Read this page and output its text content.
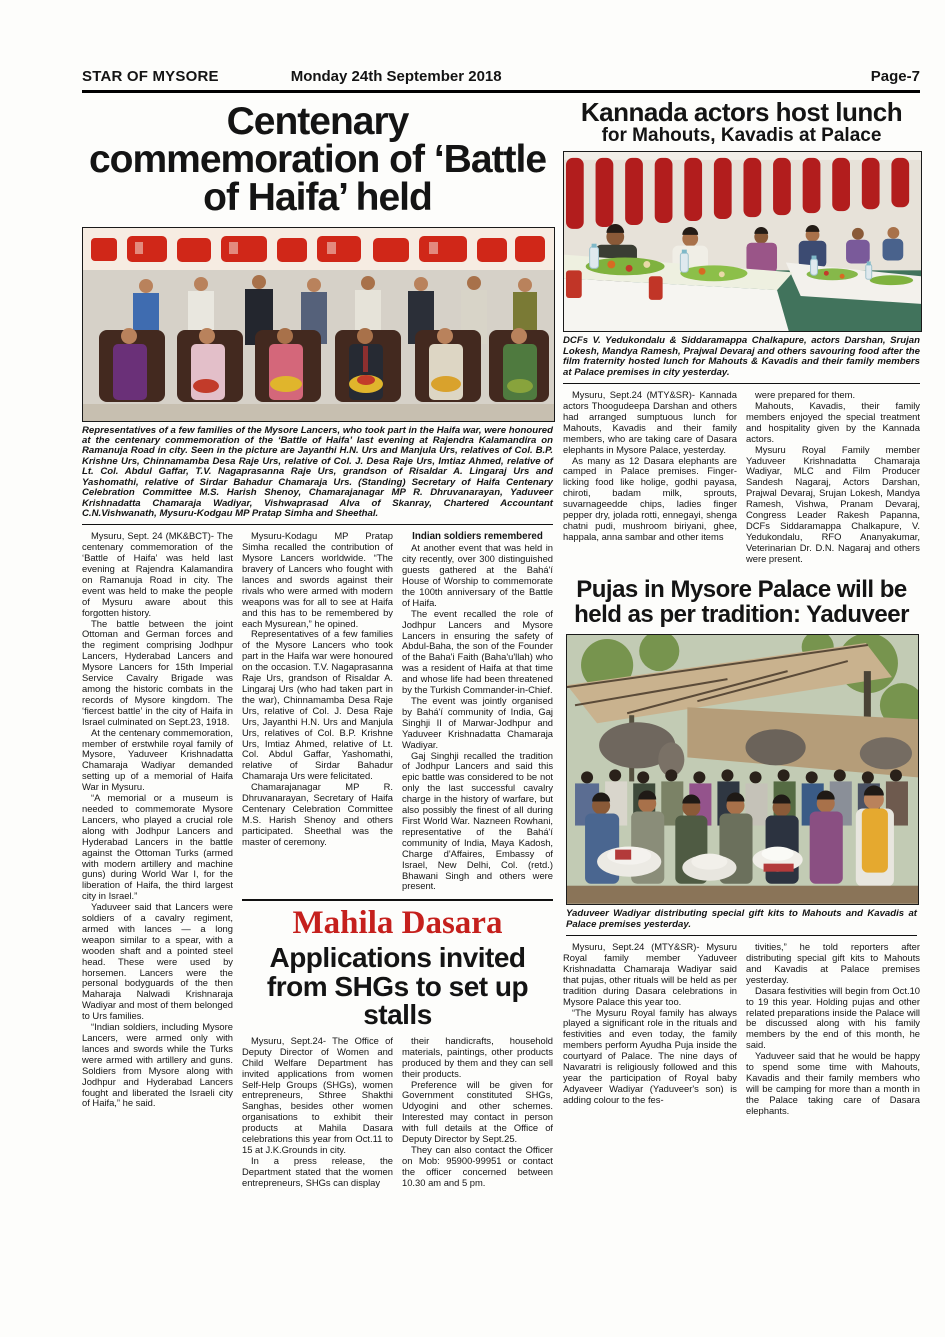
STAR OF MYSORE	Monday 24th September 2018	Page-7
Centenary commemoration of ‘Battle of Haifa’ held
Representatives of a few families of the Mysore Lancers, who took part in the Haifa war, were honoured at the centenary commemoration of the ‘Battle of Haifa’ last evening at Rajendra Kalamandira on Ramanuja Road in city. Seen in the picture are Jayanthi H.N. Urs and Manjula Urs, relatives of Col. B.P. Krishne Urs, Chinnamamba Desa Raje Urs, relative of Col. J. Desa Raje Urs, Imtiaz Ahmed, relative of Lt. Col. Abdul Gaffar, T.V. Nagaprasanna Raje Urs, grandson of Risaldar A. Lingaraj Urs and Yashomathi, relative of Sirdar Bahadur Chamaraja Urs. (Standing) Secretary of Haifa Centenary Celebration Committee M.S. Harish Shenoy, Chamarajanagar MP R. Dhruvanarayan, Yaduveer Krishnadatta Chamaraja Wadiyar, Vishwaprasad Alva of Skanray, Chartered Accountant C.N.Vishwanath, Mysuru-Kodgau MP Pratap Simha and Sheethal.

Mysuru, Sept. 24 (MK&BCT)- The centenary commemoration of the ‘Battle of Haifa’ was held last evening at Rajendra Kalamandira on Ramanuja Road in city. The event was held to make the people of Mysuru aware about this forgotten history.

The battle between the joint Ottoman and German forces and the regiment comprising Jodhpur Lancers, Hyderabad Lancers and Mysore Lancers for 15th Imperial Service Cavalry Brigade was among the historic combats in the records of Mysore kingdom. The ‘fiercest battle’ in the city of Haifa in Israel culminated on Sept.23, 1918.

At the centenary commemoration, member of erstwhile royal family of Mysore, Yaduveer Krishnadatta Chamaraja Wadiyar demanded setting up of a memorial of Haifa War in Mysuru.

“A memorial or a museum is needed to commemorate Mysore Lancers, who played a crucial role along with Jodhpur Lancers and Hyderabad Lancers in the battle against the Ottoman Turks (armed with modern artillery and machine guns) during World War I, for the liberation of Haifa, the third largest city in Israel.”

Yaduveer said that Lancers were soldiers of a cavalry regiment, armed with lances — a long weapon similar to a spear, with a wooden shaft and a pointed steel head. These were used by horsemen. Lancers were the personal bodyguards of the then Maharaja Nalwadi Krishnaraja Wadiyar and most of them belonged to Urs families.

“Indian soldiers, including Mysore Lancers, were armed only with lances and swords while the Turks were armed with artillery and guns. Soldiers from Mysore along with Jodhpur and Hyderabad Lancers fought and liberated the Israeli city of Haifa,” he said.

Mysuru-Kodagu MP Pratap Simha recalled the contribution of Mysore Lancers worldwide. “The bravery of Lancers who fought with lances and swords against their rivals who were armed with modern weapons was for all to see at Haifa and this has to be remembered by each Mysurean,” he opined.

Representatives of a few families of the Mysore Lancers who took part in the Haifa war were honoured on the occasion. T.V. Nagaprasanna Raje Urs, grandson of Risaldar A. Lingaraj Urs (who had taken part in the war), Chinnamamba Desa Raje Urs, relative of Col. J. Desa Raje Urs, Jayanthi H.N. Urs and Manjula Urs, relatives of Col. B.P. Krishne Urs, Imtiaz Ahmed, relative of Lt. Col. Abdul Gaffar, Yashomathi, relative of Sirdar Bahadur Chamaraja Urs were felicitated.

Chamarajanagar MP R. Dhruvanarayan, Secretary of Haifa Centenary Celebration Committee M.S. Harish Shenoy and others participated. Sheethal was the master of ceremony.

Indian soldiers remembered

At another event that was held in city recently, over 300 distinguished guests gathered at the Bahá'í House of Worship to commemorate the 100th anniversary of the Battle of Haifa.

The event recalled the role of Jodhpur Lancers and Mysore Lancers in ensuring the safety of Abdul-Baha, the son of the Founder of the Baha'i Faith (Baha'u'llah) who was a resident of Haifa at that time and whose life had been threatened by the Turkish Commander-in-Chief.

The event was jointly organised by Bahá'í community of India, Gaj Singhji II of Marwar-Jodhpur and Yaduveer Krishnadatta Chamaraja Wadiyar.

Gaj Singhji recalled the tradition of Jodhpur Lancers and said this epic battle was considered to be not only the last successful cavalry charge in the history of warfare, but also possibly the finest of all during First World War. Nazneen Rowhani, representative of the Bahá'í community of India, Maya Kadosh, Charge d'Affaires, Embassy of Israel, New Delhi, Col. (retd.) Bhawani Singh and others were present.

Mahila Dasara
Applications invited from SHGs to set up stalls

Mysuru, Sept.24- The Office of Deputy Director of Women and Child Welfare Department has invited applications from women Self-Help Groups (SHGs), women entrepreneurs, Sthree Shakthi Sanghas, besides other women organisations to exhibit their products at Mahila Dasara celebrations this year from Oct.11 to 15 at J.K.Grounds in city.

In a press release, the Department stated that the women entrepreneurs, SHGs can display

their handicrafts, household materials, paintings, other products produced by them and they can sell their products.

Preference will be given for Government constituted SHGs, Udyogini and other schemes. Interested may contact in person with full details at the Office of Deputy Director by Sept.25.

They can also contact the Officer on Mob: 95900-99951 or contact the officer concerned between 10.30 am and 5 pm.

Kannada actors host lunch
for Mahouts, Kavadis at Palace
DCFs V. Yedukondalu & Siddaramappa Chalkapure, actors Darshan, Srujan Lokesh, Mandya Ramesh, Prajwal Devaraj and others savouring food after the film fraternity hosted lunch for Mahouts & Kavadis and their family members at Palace premises in city yesterday.

Mysuru, Sept.24 (MTY&SR)- Kannada actors Thoogudeepa Darshan and others had arranged sumptuous lunch for Mahouts, Kavadis and their family members, who are taking care of Dasara elephants in Mysore Palace, yesterday.

As many as 12 Dasara elephants are camped in Palace premises. Finger-licking food like holige, godhi payasa, chiroti, badam milk, sprouts, suvarnageedde chips, ladies finger pepper dry, jolada rotti, ennegayi, shenga chatni pudi, mushroom biriyani, ghee, happala, anna sambar and other items

were prepared for them.

Mahouts, Kavadis, their family members enjoyed the special treatment and hospitality given by the Kannada actors.

Mysuru Royal Family member Yaduveer Krishnadatta Chamaraja Wadiyar, MLC and Film Producer Sandesh Nagaraj, Actors Darshan, Prajwal Devaraj, Srujan Lokesh, Mandya Ramesh, Vishwa, Pranam Devaraj, Congress Leader Rakesh Papanna, DCFs Siddaramappa Chalkapure, V. Yedukondalu, RFO Ananyakumar, Veterinarian Dr. D.N. Nagaraj and others were present.

Pujas in Mysore Palace will be held as per tradition: Yaduveer
Yaduveer Wadiyar distributing special gift kits to Mahouts and Kavadis at Palace premises yesterday.

Mysuru, Sept.24 (MTY&SR)- Mysuru Royal family member Yaduveer Krishnadatta Chamaraja Wadiyar said that pujas, other rituals will be held as per tradition during Dasara celebrations in Mysore Palace this year too.

“The Mysuru Royal family has always played a significant role in the rituals and festivities and even today, the family members perform Ayudha Puja inside the courtyard of Palace. The nine days of Navaratri is religiously followed and this year the participation of Royal baby Adyaveer Wadiyar (Yaduveer's son) is adding colour to the fes-

tivities,” he told reporters after distributing special gift kits to Mahouts and Kavadis at Palace premises yesterday.

Dasara festivities will begin from Oct.10 to 19 this year. Holding pujas and other related preparations inside the Palace will be discussed along with his family members by the end of this month, he said.

Yaduveer said that he would be happy to spend some time with Mahouts, Kavadis and their family members who will be camping for more than a month in the Palace taking care of Dasara elephants.
